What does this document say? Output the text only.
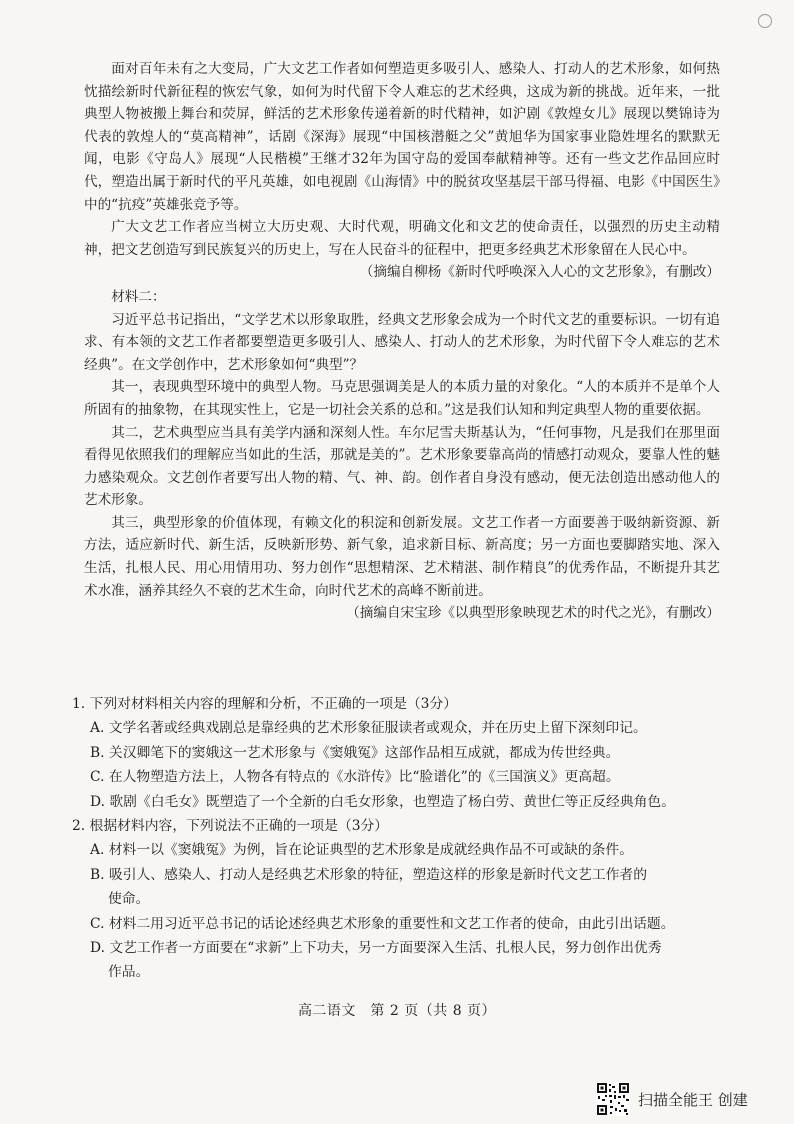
面对百年未有之大变局，广大文艺工作者如何塑造更多吸引人、感染人、打动人的艺术形象，如何热忱描绘新时代新征程的恢宏气象，如何为时代留下令人难忘的艺术经典，这成为新的挑战。近年来，一批典型人物被搬上舞台和荧屏，鲜活的艺术形象传递着新的时代精神，如沪剧《敦煌女儿》展现以樊锦诗为代表的敦煌人的“莫高精神”，话剧《深海》展现“中国核潜艇之父”黄旭华为国家事业隐姓埋名的默默无闻，电影《守岛人》展现“人民楷模”王继才32年为国守岛的爱国奉献精神等。还有一些文艺作品回应时代，塑造出属于新时代的平凡英雄，如电视剧《山海情》中的脱贫攻坚基层干部马得福、电影《中国医生》中的“抗疫”英雄张竞予等。

广大文艺工作者应当树立大历史观、大时代观，明确文化和文艺的使命责任，以强烈的历史主动精神，把文艺创造写到民族复兴的历史上，写在人民奋斗的征程中，把更多经典艺术形象留在人民心中。

（摘编自柳杨《新时代呼唤深入人心的文艺形象》，有删改）

材料二：

习近平总书记指出，“文学艺术以形象取胜，经典文艺形象会成为一个时代文艺的重要标识。一切有追求、有本领的文艺工作者都要塑造更多吸引人、感染人、打动人的艺术形象，为时代留下令人难忘的艺术经典”。在文学创作中，艺术形象如何“典型”？

其一，表现典型环境中的典型人物。马克思强调美是人的本质力量的对象化。“人的本质并不是单个人所固有的抽象物，在其现实性上，它是一切社会关系的总和。”这是我们认知和判定典型人物的重要依据。

其二，艺术典型应当具有美学内涵和深刻人性。车尔尼雪夫斯基认为，“任何事物，凡是我们在那里面看得见依照我们的理解应当如此的生活，那就是美的”。艺术形象要靠高尚的情感打动观众，要靠人性的魅力感染观众。文艺创作者要写出人物的精、气、神、韵。创作者自身没有感动，便无法创造出感动他人的艺术形象。

其三，典型形象的价值体现，有赖文化的积淀和创新发展。文艺工作者一方面要善于吸纳新资源、新方法，适应新时代、新生活，反映新形势、新气象，追求新目标、新高度；另一方面也要脚踏实地、深入生活，扎根人民、用心用情用功、努力创作“思想精深、艺术精湛、制作精良”的优秀作品，不断提升其艺术水准，涵养其经久不衰的艺术生命，向时代艺术的高峰不断前进。

（摘编自宋宝珍《以典型形象映现艺术的时代之光》，有删改）

1. 下列对材料相关内容的理解和分析，不正确的一项是（3分）

A. 文学名著或经典戏剧总是靠经典的艺术形象征服读者或观众，并在历史上留下深刻印记。

B. 关汉卿笔下的窦娥这一艺术形象与《窦娥冤》这部作品相互成就，都成为传世经典。

C. 在人物塑造方法上，人物各有特点的《水浒传》比“脸谱化”的《三国演义》更高超。

D. 歌剧《白毛女》既塑造了一个全新的白毛女形象，也塑造了杨白劳、黄世仁等正反经典角色。

2. 根据材料内容，下列说法不正确的一项是（3分）

A. 材料一以《窦娥冤》为例，旨在论证典型的艺术形象是成就经典作品不可或缺的条件。

B. 吸引人、感染人、打动人是经典艺术形象的特征，塑造这样的形象是新时代文艺工作者的

使命。

C. 材料二用习近平总书记的话论述经典艺术形象的重要性和文艺工作者的使命，由此引出话题。

D. 文艺工作者一方面要在“求新”上下功夫，另一方面要深入生活、扎根人民，努力创作出优秀

作品。

高二语文　第 2 页（共 8 页）
扫描全能王 创建
